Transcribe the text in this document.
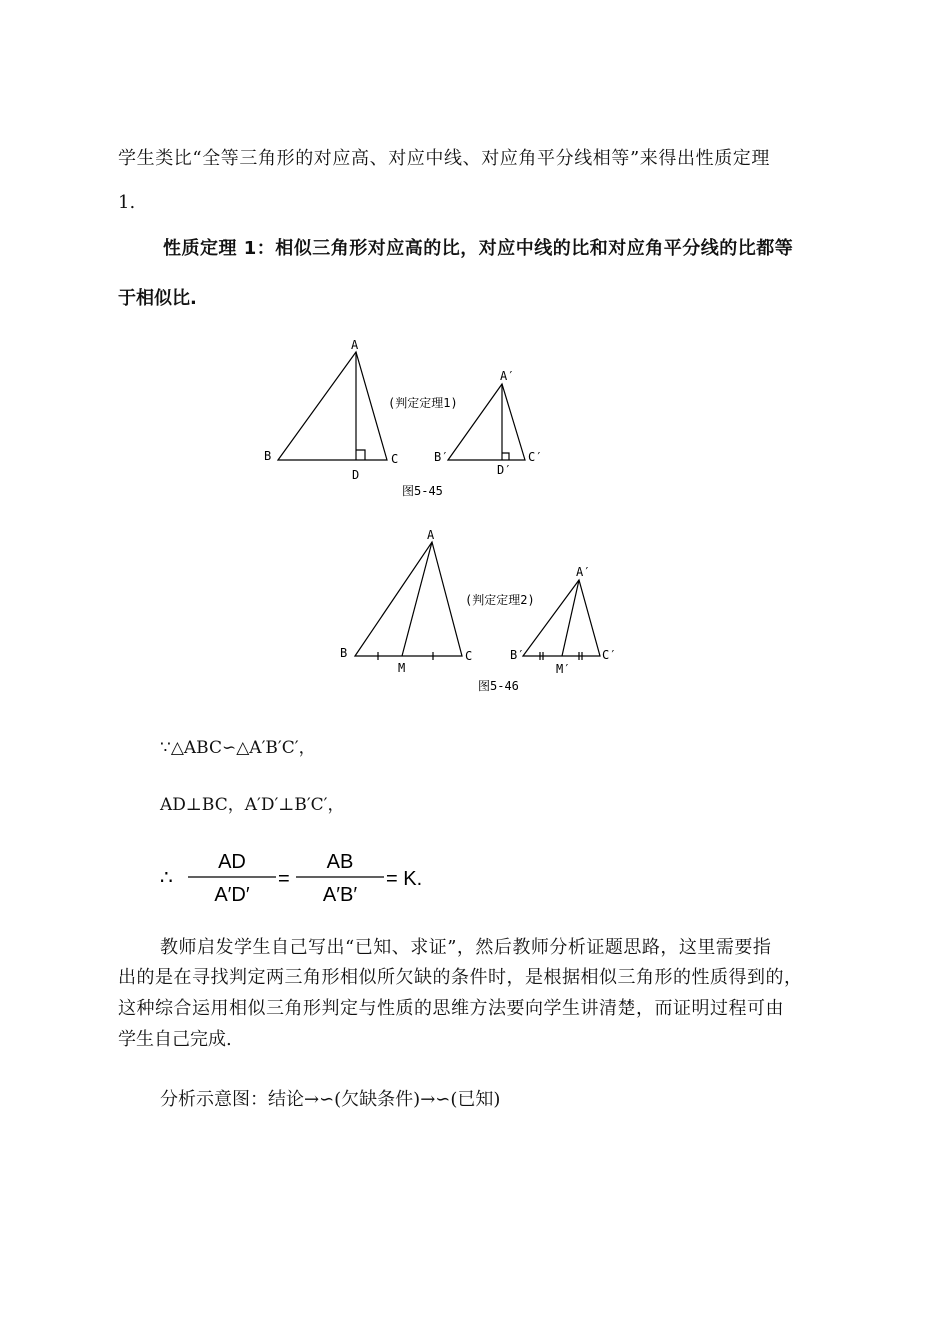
学生类比“全等三角形的对应高、对应中线、对应角平分线相等”来得出性质定理
1.
性质定理 1：相似三角形对应高的比，对应中线的比和对应角平分线的比都等
于相似比.
A
B	C
D
A′
B′	C′
D′
(判定定理1)
图5-45
A
B	C
M
A′
B′	C′
M′
(判定定理2)
图5-46
∵△ABC∽△A′B′C′，
AD⊥BC，A′D′⊥B′C′，
∴
AD
A′D′
=
AB
A′B′
= K.
教师启发学生自己写出“已知、求证”，然后教师分析证题思路，这里需要指
出的是在寻找判定两三角形相似所欠缺的条件时，是根据相似三角形的性质得到的，
这种综合运用相似三角形判定与性质的思维方法要向学生讲清楚，而证明过程可由
学生自己完成.
分析示意图：结论→∽(欠缺条件)→∽(已知)
